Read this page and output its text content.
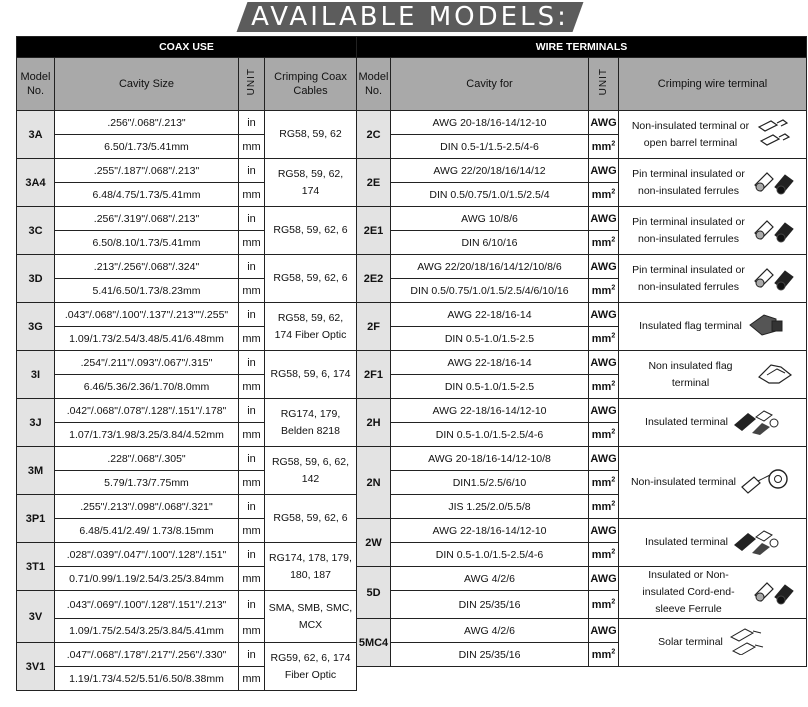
AVAILABLE MODELS:
COAX USE				WIRE TERMINALS			
Model No.	Cavity Size	UNIT	Crimping Coax Cables	Model No.	Cavity for	UNIT	Crimping wire terminal
3A	.256"/.068"/.213"	in	RG58, 59, 62	2C	AWG 20-18/16-14/12-10	AWG	Non-insulated terminal or open barrel terminal
	6.50/1.73/5.41mm	mm			DIN 0.5-1/1.5-2.5/4-6	$mm^2$
3A4	.255"/.187"/.068"/.213"	in	RG58, 59, 62, 174	2E	AWG 22/20/18/16/14/12	AWG	Pin terminal insulated or non-insulated ferrules
	6.48/4.75/1.73/5.41mm	mm			DIN 0.5/0.75/1.0/1.5/2.5/4	$mm^2$
3C	.256"/.319"/.068"/.213"	in	RG58, 59, 62, 6	2E1	AWG 10/8/6	AWG	Pin terminal insulated or non-insulated ferrules
	6.50/8.10/1.73/5.41mm	mm			DIN 6/10/16	$mm^2$
3D	.213"/.256"/.068"/.324"	in	RG58, 59, 62, 6	2E2	AWG 22/20/18/16/14/12/10/8/6	AWG	Pin terminal insulated or non-insulated ferrules
	5.41/6.50/1.73/8.23mm	mm			DIN 0.5/0.75/1.0/1.5/2.5/4/6/10/16	$mm^2$
3G	.043"/.068"/.100"/.137"/.213""/.255"	in	RG58, 59, 62, 174 Fiber Optic	2F	AWG 22-18/16-14	AWG	Insulated flag terminal
	1.09/1.73/2.54/3.48/5.41/6.48mm	mm			DIN 0.5-1.0/1.5-2.5	$mm^2$
3I	.254"/.211"/.093"/.067"/.315"	in	RG58, 59, 6, 174	2F1	AWG 22-18/16-14	AWG	Non insulated flag terminal
	6.46/5.36/2.36/1.70/8.0mm	mm			DIN 0.5-1.0/1.5-2.5	$mm^2$
3J	.042"/.068"/.078"/.128"/.151"/.178"	in	RG174, 179, Belden 8218	2H	AWG 22-18/16-14/12-10	AWG	Insulated terminal
	1.07/1.73/1.98/3.25/3.84/4.52mm	mm			DIN 0.5-1.0/1.5-2.5/4-6	$mm^2$
3M	.228"/.068"/.305"	in	RG58, 59, 6, 62, 142	2N	AWG 20-18/16-14/12-10/8	AWG	Non-insulated terminal
	5.79/1.73/7.75mm	mm			DIN1.5/2.5/6/10	$mm^2$
3P1	.255"/.213"/.098"/.068"/.321"	in	RG58, 59, 62, 6		JIS 1.25/2.0/5.5/8	$mm^2$
	6.48/5.41/2.49/ 1.73/8.15mm	mm		2W	AWG 22-18/16-14/12-10	AWG	Insulated terminal
3T1	.028"/.039"/.047"/.100"/.128"/.151"	in	RG174, 178, 179, 180, 187		DIN 0.5-1.0/1.5-2.5/4-6	$mm^2$
	0.71/0.99/1.19/2.54/3.25/3.84mm	mm		5D	AWG 4/2/6	AWG	Insulated or Non-insulated Cord-end-sleeve Ferrule
3V	.043"/.069"/.100"/.128"/.151"/.213"	in	SMA, SMB, SMC, MCX		DIN 25/35/16	$mm^2$
	1.09/1.75/2.54/3.25/3.84/5.41mm	mm		5MC4	AWG 4/2/6	AWG	Solar terminal
3V1	.047"/.068"/.178"/.217"/.256"/.330"	in	RG59, 62, 6, 174 Fiber Optic		DIN 25/35/16	$mm^2$
	1.19/1.73/4.52/5.51/6.50/8.38mm	mm					
